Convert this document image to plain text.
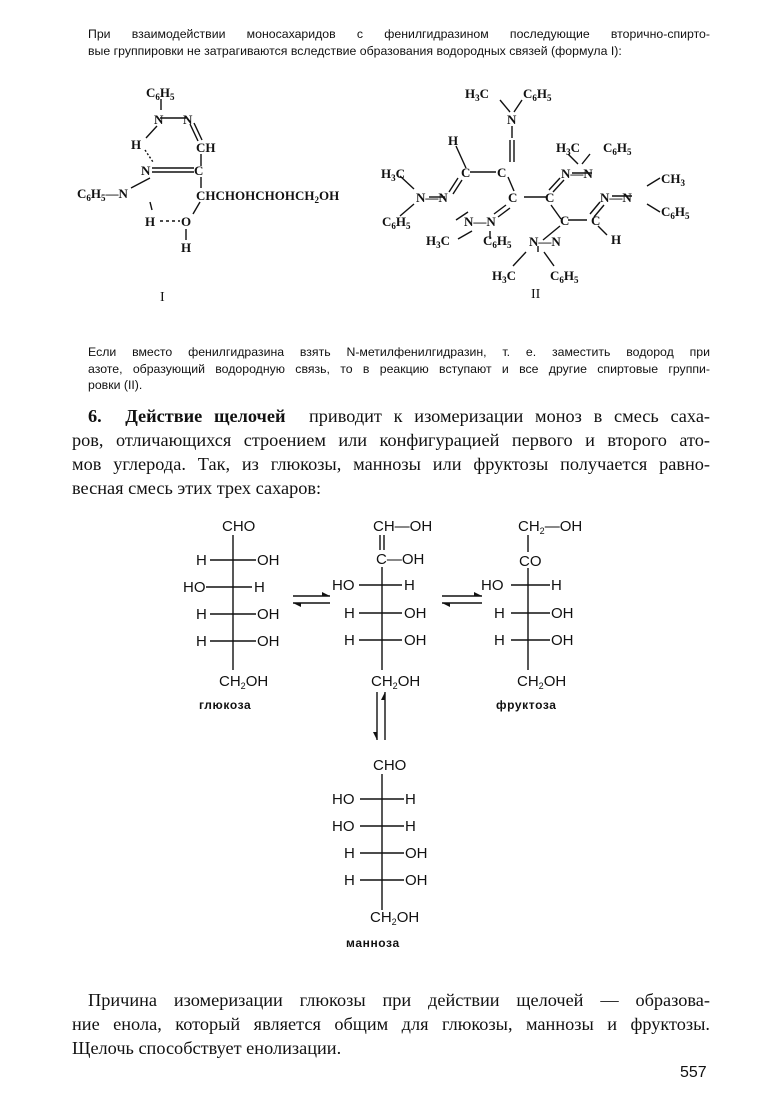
При взаимодействии моносахаридов с фенилгидразином последующие вторично-спирто-
вые группировки не затрагиваются вследствие образования водородных связей (формула I):
$C_6H_5$
N N
H	CH
N	C
$C_6H_5—N$	$CHCHOHCHOHCH_2OH$
H O
H
$H_3C$	$C_6H_5$
N
H	$H_3C$ $C_6H_5$
C C	N—N
$H_3C$	$CH_3$
N—N	C C	N—N
$C_6H_5$
$C_6H_5$
N—N	C C
$H_3C$	$C_6H_5$ N—N	H
$H_3C$	$C_6H_5$
CHO
H	OH
HO	H
H	OH
H	OH
$CH_2OH$
CH—OH
C—OH
HO	H
H	OH
H	OH
$CH_2OH$
$CH_2—OH$
CO
HO	H
H	OH
H	OH
$CH_2OH$
CHO
HO	H
HO	H
H	OH
H	OH
$CH_2OH$
I	II
Если вместо фенилгидразина взять N-метилфенилгидразин, т. е. заместить водород при
азоте, образующий водородную связь, то в реакцию вступают и все другие спиртовые группи-
ровки (II).
6. Действие щелочей приводит к изомеризации моноз в смесь саха-
ров, отличающихся строением или конфигурацией первого и второго ато-
мов углерода. Так, из глюкозы, маннозы или фруктозы получается равно-
весная смесь этих трех сахаров:
глюкоза	фруктоза
манноза
Причина изомеризации глюкозы при действии щелочей — образова-
ние енола, который является общим для глюкозы, маннозы и фруктозы.
Щелочь способствует енолизации.
557
